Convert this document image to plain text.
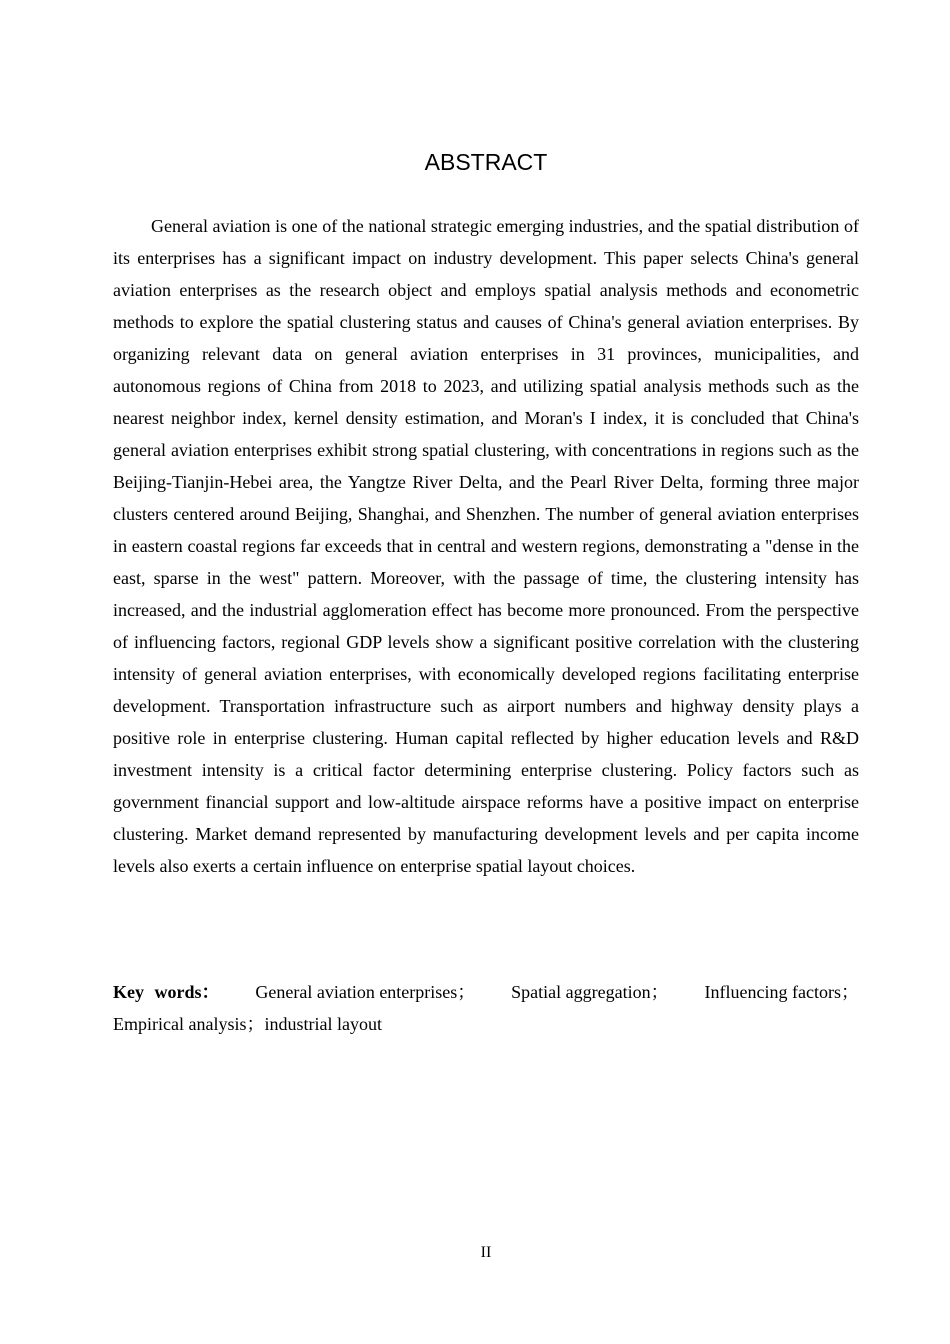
ABSTRACT

General aviation is one of the national strategic emerging industries, and the spatial distribution of its enterprises has a significant impact on industry development. This paper selects China's general aviation enterprises as the research object and employs spatial analysis methods and econometric methods to explore the spatial clustering status and causes of China's general aviation enterprises. By organizing relevant data on general aviation enterprises in 31 provinces, municipalities, and autonomous regions of China from 2018 to 2023, and utilizing spatial analysis methods such as the nearest neighbor index, kernel density estimation, and Moran's I index, it is concluded that China's general aviation enterprises exhibit strong spatial clustering, with concentrations in regions such as the Beijing-Tianjin-Hebei area, the Yangtze River Delta, and the Pearl River Delta, forming three major clusters centered around Beijing, Shanghai, and Shenzhen. The number of general aviation enterprises in eastern coastal regions far exceeds that in central and western regions, demonstrating a "dense in the east, sparse in the west" pattern. Moreover, with the passage of time, the clustering intensity has increased, and the industrial agglomeration effect has become more pronounced. From the perspective of influencing factors, regional GDP levels show a significant positive correlation with the clustering intensity of general aviation enterprises, with economically developed regions facilitating enterprise development. Transportation infrastructure such as airport numbers and highway density plays a positive role in enterprise clustering. Human capital reflected by higher education levels and R&D investment intensity is a critical factor determining enterprise clustering. Policy factors such as government financial support and low-altitude airspace reforms have a positive impact on enterprise clustering. Market demand represented by manufacturing development levels and per capita income levels also exerts a certain influence on enterprise spatial layout choices.

Key words： General aviation enterprises； Spatial aggregation； Influencing factors；
Empirical analysis；industrial layout
II
